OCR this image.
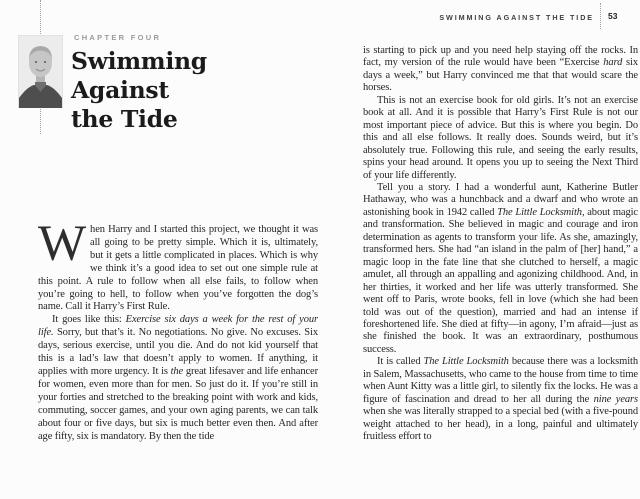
CHAPTER FOUR
Swimming
Against
the Tide

When Harry and I started this project, we thought it was all going to be pretty simple. Which it is, ultimately, but it gets a little complicated in places. Which is why we think it’s a good idea to set out one simple rule at this point. A rule to follow when all else fails, to follow when you’re going to hell, to follow when you’ve forgotten the dog’s name. Call it Harry’s First Rule.

It goes like this: Exercise six days a week for the rest of your life. Sorry, but that’s it. No negotiations. No give. No excuses. Six days, serious exercise, until you die. And do not kid yourself that this is a lad’s law that doesn’t apply to women. If anything, it applies with more urgency. It is the great lifesaver and life enhancer for women, even more than for men. So just do it. If you’re still in your forties and stretched to the breaking point with work and kids, commuting, soccer games, and your own aging parents, we can talk about four or five days, but six is much better even then. And after age fifty, six is mandatory. By then the tide

SWIMMING AGAINST THE TIDE 53

is starting to pick up and you need help staying off the rocks. In fact, my version of the rule would have been “Exercise hard six days a week,” but Harry convinced me that that would scare the horses.

This is not an exercise book for old girls. It’s not an exercise book at all. And it is possible that Harry’s First Rule is not our most important piece of advice. But this is where you begin. Do this and all else follows. It really does. Sounds weird, but it’s absolutely true. Following this rule, and seeing the early results, spins your head around. It opens you up to seeing the Next Third of your life differently.

Tell you a story. I had a wonderful aunt, Katherine Butler Hathaway, who was a hunchback and a dwarf and who wrote an astonishing book in 1942 called The Little Locksmith, about magic and transformation. She believed in magic and courage and iron determination as agents to transform your life. As she, amazingly, transformed hers. She had “an island in the palm of [her] hand,” a magic loop in the fate line that she clutched to herself, a magic amulet, all through an appalling and agonizing childhood. And, in her thirties, it worked and her life was utterly transformed. She went off to Paris, wrote books, fell in love (which she had been told was out of the question), married and had an intense if foreshortened life. She died at fifty—in agony, I’m afraid—just as she finished the book. It was an extraordinary, posthumous success.

It is called The Little Locksmith because there was a locksmith in Salem, Massachusetts, who came to the house from time to time when Aunt Kitty was a little girl, to silently fix the locks. He was a figure of fascination and dread to her all during the nine years when she was literally strapped to a special bed (with a five-pound weight attached to her head), in a long, painful and ultimately fruitless effort to
